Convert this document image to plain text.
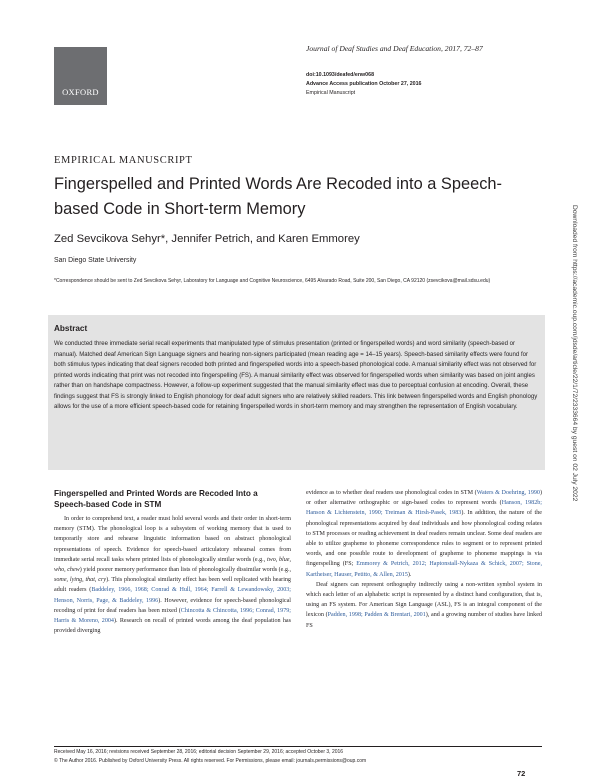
OXFORD
Journal of Deaf Studies and Deaf Education, 2017, 72–87
doi:10.1093/deafed/enw068
Advance Access publication October 27, 2016
Empirical Manuscript
EMPIRICAL MANUSCRIPT
Fingerspelled and Printed Words Are Recoded into a Speech-based Code in Short-term Memory
Zed Sevcikova Sehyr*, Jennifer Petrich, and Karen Emmorey
San Diego State University
*Correspondence should be sent to Zed Sevcikova Sehyr, Laboratory for Language and Cognitive Neuroscience, 6495 Alvarado Road, Suite 200, San Diego, CA 92120 (zsevcikova@mail.sdsu.edu)
Abstract
We conducted three immediate serial recall experiments that manipulated type of stimulus presentation (printed or fingerspelled words) and word similarity (speech-based or manual). Matched deaf American Sign Language signers and hearing non-signers participated (mean reading age = 14–15 years). Speech-based similarity effects were found for both stimulus types indicating that deaf signers recoded both printed and fingerspelled words into a speech-based phonological code. A manual similarity effect was not observed for printed words indicating that print was not recoded into fingerspelling (FS). A manual similarity effect was observed for fingerspelled words when similarity was based on joint angles rather than on handshape compactness. However, a follow-up experiment suggested that the manual similarity effect was due to perceptual confusion at encoding. Overall, these findings suggest that FS is strongly linked to English phonology for deaf adult signers who are relatively skilled readers. This link between fingerspelled words and English phonology allows for the use of a more efficient speech-based code for retaining fingerspelled words in short-term memory and may strengthen the representation of English vocabulary.
Fingerspelled and Printed Words are Recoded Into a Speech-based Code in STM
In order to comprehend text, a reader must hold several words and their order in short-term memory (STM). The phonological loop is a subsystem of working memory that is used to temporarily store and rehearse linguistic information based on abstract phonological representations of speech. Evidence for speech-based articulatory rehearsal comes from immediate serial recall tasks where printed lists of phonologically similar words (e.g., two, blue, who, chew) yield poorer memory performance than lists of phonologically dissimilar words (e.g., some, lying, that, cry). This phonological similarity effect has been well replicated with hearing adult readers (Baddeley, 1966, 1968; Conrad & Hull, 1964; Farrell & Lewandowsky, 2003; Henson, Norris, Page, & Baddeley, 1996). However, evidence for speech-based phonological recoding of print for deaf readers has been mixed (Chincotta & Chincotta, 1996; Conrad, 1979; Harris & Moreno, 2004). Research on recall of printed words among the deaf population has provided diverging
evidence as to whether deaf readers use phonological codes in STM (Waters & Doehring, 1990) or other alternative orthographic or sign-based codes to represent words (Hanson, 1982b; Hanson & Lichtenstein, 1990; Treiman & Hirsh-Pasek, 1983). In addition, the nature of the phonological representations acquired by deaf individuals and how phonological coding relates to STM processes or reading achievement in deaf readers remain unclear. Some deaf readers are able to utilize grapheme to phoneme correspondence rules to segment or to represent printed words, and one possible route to development of grapheme to phoneme mappings is via fingerspelling (FS; Emmorey & Petrich, 2012; Haptonstall-Nykaza & Schick, 2007; Stone, Kartheiser, Hauser, Petitto, & Allen, 2015).
Deaf signers can represent orthography indirectly using a non-written symbol system in which each letter of an alphabetic script is represented by a distinct hand configuration, that is, using an FS system. For American Sign Language (ASL), FS is an integral component of the lexicon (Padden, 1998; Padden & Brentari, 2001), and a growing number of studies have linked FS
Received May 16, 2016; revisions received September 28, 2016; editorial decision September 29, 2016; accepted October 3, 2016
© The Author 2016. Published by Oxford University Press. All rights reserved. For Permissions, please email: journals.permissions@oup.com
72
Downloaded from https://academic.oup.com/jdsde/article/22/1/72/2333664 by guest on 02 July 2022
